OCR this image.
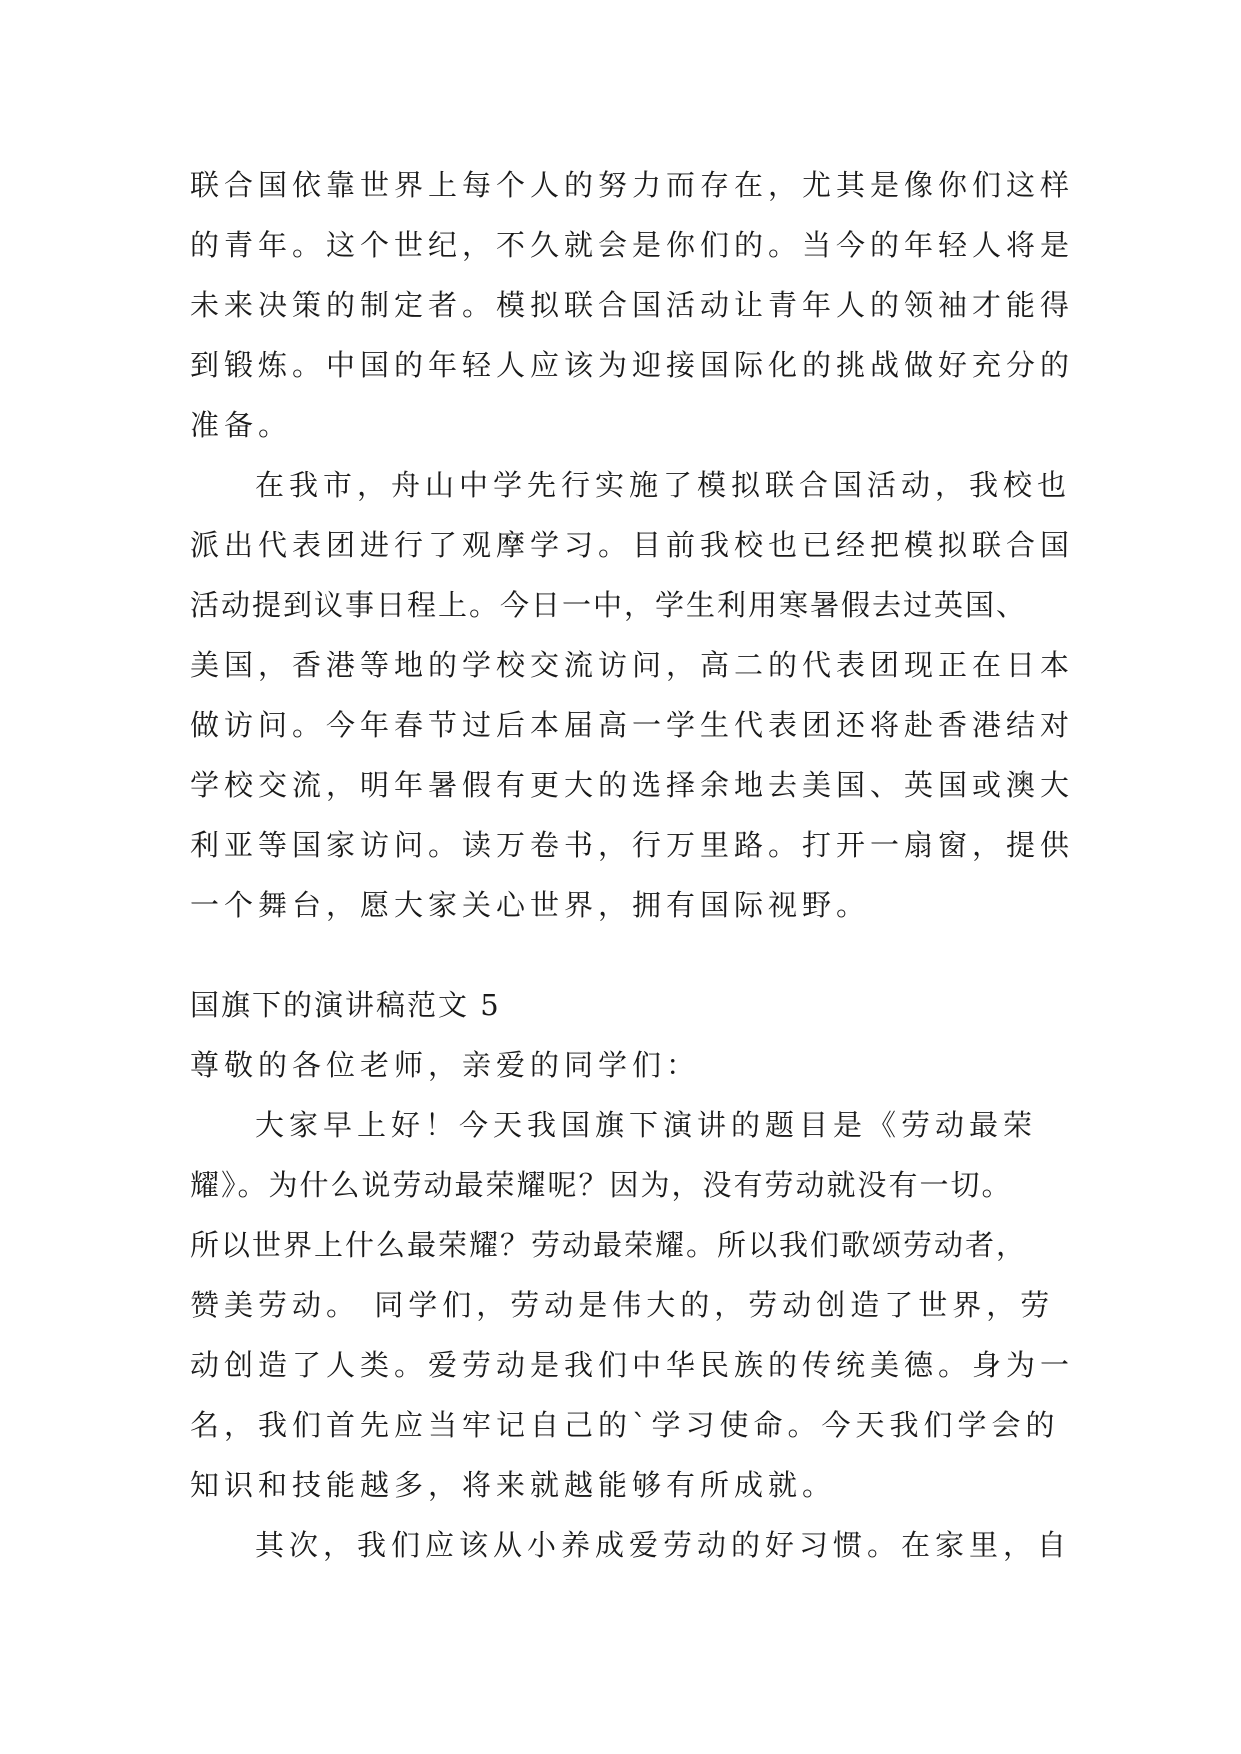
联合国依靠世界上每个人的努力而存在，尤其是像你们这样
的青年。这个世纪，不久就会是你们的。当今的年轻人将是
未来决策的制定者。模拟联合国活动让青年人的领袖才能得
到锻炼。中国的年轻人应该为迎接国际化的挑战做好充分的
准备。
在我市，舟山中学先行实施了模拟联合国活动，我校也
派出代表团进行了观摩学习。目前我校也已经把模拟联合国
活动提到议事日程上。今日一中，学生利用寒暑假去过英国、
美国，香港等地的学校交流访问，高二的代表团现正在日本
做访问。今年春节过后本届高一学生代表团还将赴香港结对
学校交流，明年暑假有更大的选择余地去美国、英国或澳大
利亚等国家访问。读万卷书，行万里路。打开一扇窗，提供
一个舞台，愿大家关心世界，拥有国际视野。
国旗下的演讲稿范文 5
尊敬的各位老师，亲爱的同学们：
大家早上好！今天我国旗下演讲的题目是《劳动最荣
耀》。为什么说劳动最荣耀呢？因为，没有劳动就没有一切。
所以世界上什么最荣耀？劳动最荣耀。所以我们歌颂劳动者，
赞美劳动。 同学们，劳动是伟大的，劳动创造了世界，劳
动创造了人类。爱劳动是我们中华民族的传统美德。身为一
名，我们首先应当牢记自己的`学习使命。今天我们学会的
知识和技能越多，将来就越能够有所成就。
其次，我们应该从小养成爱劳动的好习惯。在家里，自
